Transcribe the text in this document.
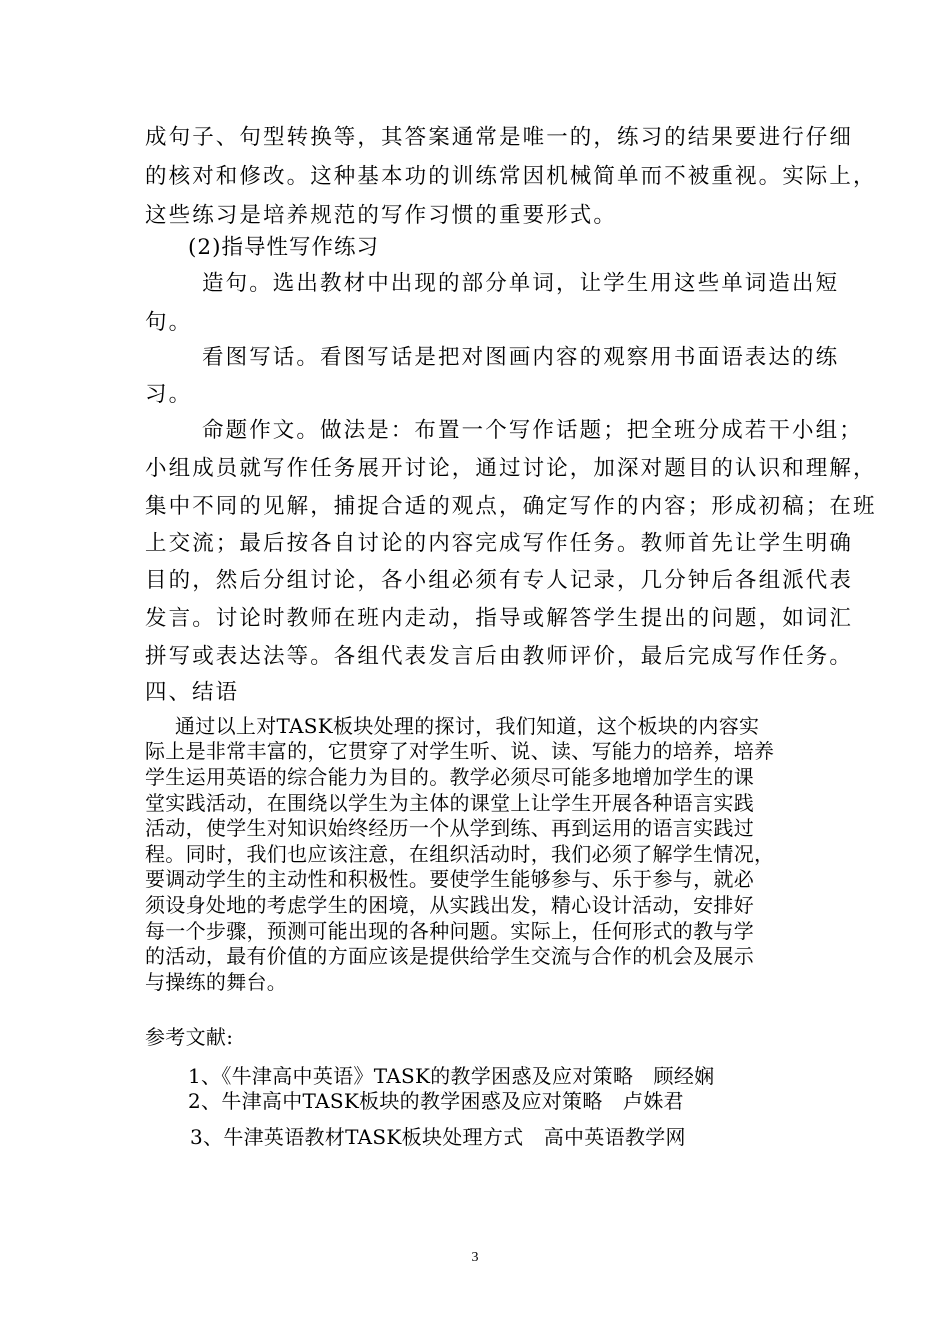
成句子、句型转换等，其答案通常是唯一的，练习的结果要进行仔细

的核对和修改。这种基本功的训练常因机械简单而不被重视。实际上，

这些练习是培养规范的写作习惯的重要形式。

(2)指导性写作练习

造句。选出教材中出现的部分单词，让学生用这些单词造出短

句。

看图写话。看图写话是把对图画内容的观察用书面语表达的练

习。

命题作文。做法是：布置一个写作话题；把全班分成若干小组；

小组成员就写作任务展开讨论，通过讨论，加深对题目的认识和理解，

集中不同的见解，捕捉合适的观点，确定写作的内容；形成初稿；在班

上交流；最后按各自讨论的内容完成写作任务。教师首先让学生明确

目的，然后分组讨论，各小组必须有专人记录，几分钟后各组派代表

发言。讨论时教师在班内走动，指导或解答学生提出的问题，如词汇

拼写或表达法等。各组代表发言后由教师评价，最后完成写作任务。

四、结语

通过以上对TASK板块处理的探讨，我们知道，这个板块的内容实

际上是非常丰富的，它贯穿了对学生听、说、读、写能力的培养，培养

学生运用英语的综合能力为目的。教学必须尽可能多地增加学生的课

堂实践活动，在围绕以学生为主体的课堂上让学生开展各种语言实践

活动，使学生对知识始终经历一个从学到练、再到运用的语言实践过

程。同时，我们也应该注意，在组织活动时，我们必须了解学生情况，

要调动学生的主动性和积极性。要使学生能够参与、乐于参与，就必

须设身处地的考虑学生的困境，从实践出发，精心设计活动，安排好

每一个步骤，预测可能出现的各种问题。实际上，任何形式的教与学

的活动，最有价值的方面应该是提供给学生交流与合作的机会及展示

与操练的舞台。

参考文献:

1、《牛津高中英语》TASK的教学困惑及应对策略　顾经娴

2、牛津高中TASK板块的教学困惑及应对策略　卢姝君

3、牛津英语教材TASK板块处理方式　高中英语教学网

3
